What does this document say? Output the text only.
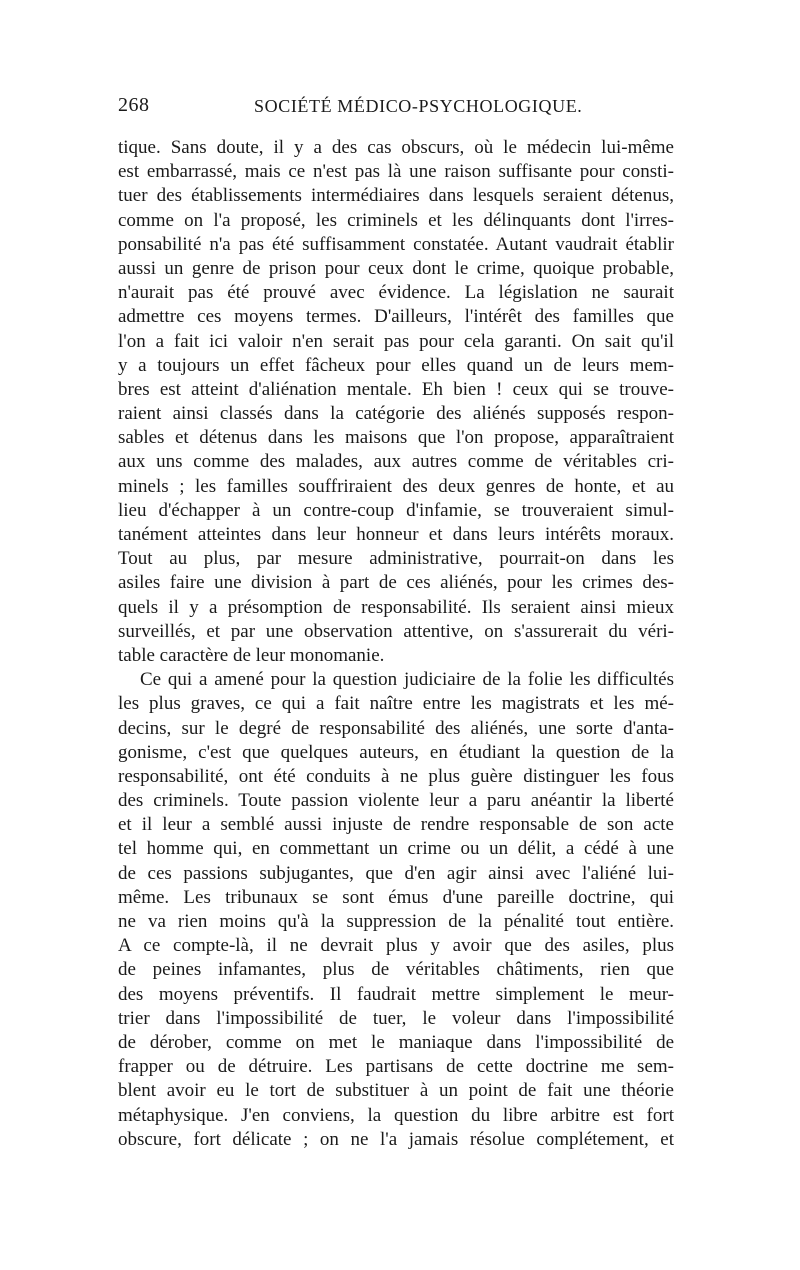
268	SOCIÉTÉ MÉDICO-PSYCHOLOGIQUE.
tique. Sans doute, il y a des cas obscurs, où le médecin lui-même
est embarrassé, mais ce n'est pas là une raison suffisante pour consti-
tuer des établissements intermédiaires dans lesquels seraient détenus,
comme on l'a proposé, les criminels et les délinquants dont l'irres-
ponsabilité n'a pas été suffisamment constatée. Autant vaudrait établir
aussi un genre de prison pour ceux dont le crime, quoique probable,
n'aurait pas été prouvé avec évidence. La législation ne saurait
admettre ces moyens termes. D'ailleurs, l'intérêt des familles que
l'on a fait ici valoir n'en serait pas pour cela garanti. On sait qu'il
y a toujours un effet fâcheux pour elles quand un de leurs mem-
bres est atteint d'aliénation mentale. Eh bien ! ceux qui se trouve-
raient ainsi classés dans la catégorie des aliénés supposés respon-
sables et détenus dans les maisons que l'on propose, apparaîtraient
aux uns comme des malades, aux autres comme de véritables cri-
minels ; les familles souffriraient des deux genres de honte, et au
lieu d'échapper à un contre-coup d'infamie, se trouveraient simul-
tanément atteintes dans leur honneur et dans leurs intérêts moraux.
Tout au plus, par mesure administrative, pourrait-on dans les
asiles faire une division à part de ces aliénés, pour les crimes des-
quels il y a présomption de responsabilité. Ils seraient ainsi mieux
surveillés, et par une observation attentive, on s'assurerait du véri-
table caractère de leur monomanie.
Ce qui a amené pour la question judiciaire de la folie les difficultés
les plus graves, ce qui a fait naître entre les magistrats et les mé-
decins, sur le degré de responsabilité des aliénés, une sorte d'anta-
gonisme, c'est que quelques auteurs, en étudiant la question de la
responsabilité, ont été conduits à ne plus guère distinguer les fous
des criminels. Toute passion violente leur a paru anéantir la liberté
et il leur a semblé aussi injuste de rendre responsable de son acte
tel homme qui, en commettant un crime ou un délit, a cédé à une
de ces passions subjugantes, que d'en agir ainsi avec l'aliéné lui-
même. Les tribunaux se sont émus d'une pareille doctrine, qui
ne va rien moins qu'à la suppression de la pénalité tout entière.
A ce compte-là, il ne devrait plus y avoir que des asiles, plus
de peines infamantes, plus de véritables châtiments, rien que
des moyens préventifs. Il faudrait mettre simplement le meur-
trier dans l'impossibilité de tuer, le voleur dans l'impossibilité
de dérober, comme on met le maniaque dans l'impossibilité de
frapper ou de détruire. Les partisans de cette doctrine me sem-
blent avoir eu le tort de substituer à un point de fait une théorie
métaphysique. J'en conviens, la question du libre arbitre est fort
obscure, fort délicate ; on ne l'a jamais résolue complétement, et
